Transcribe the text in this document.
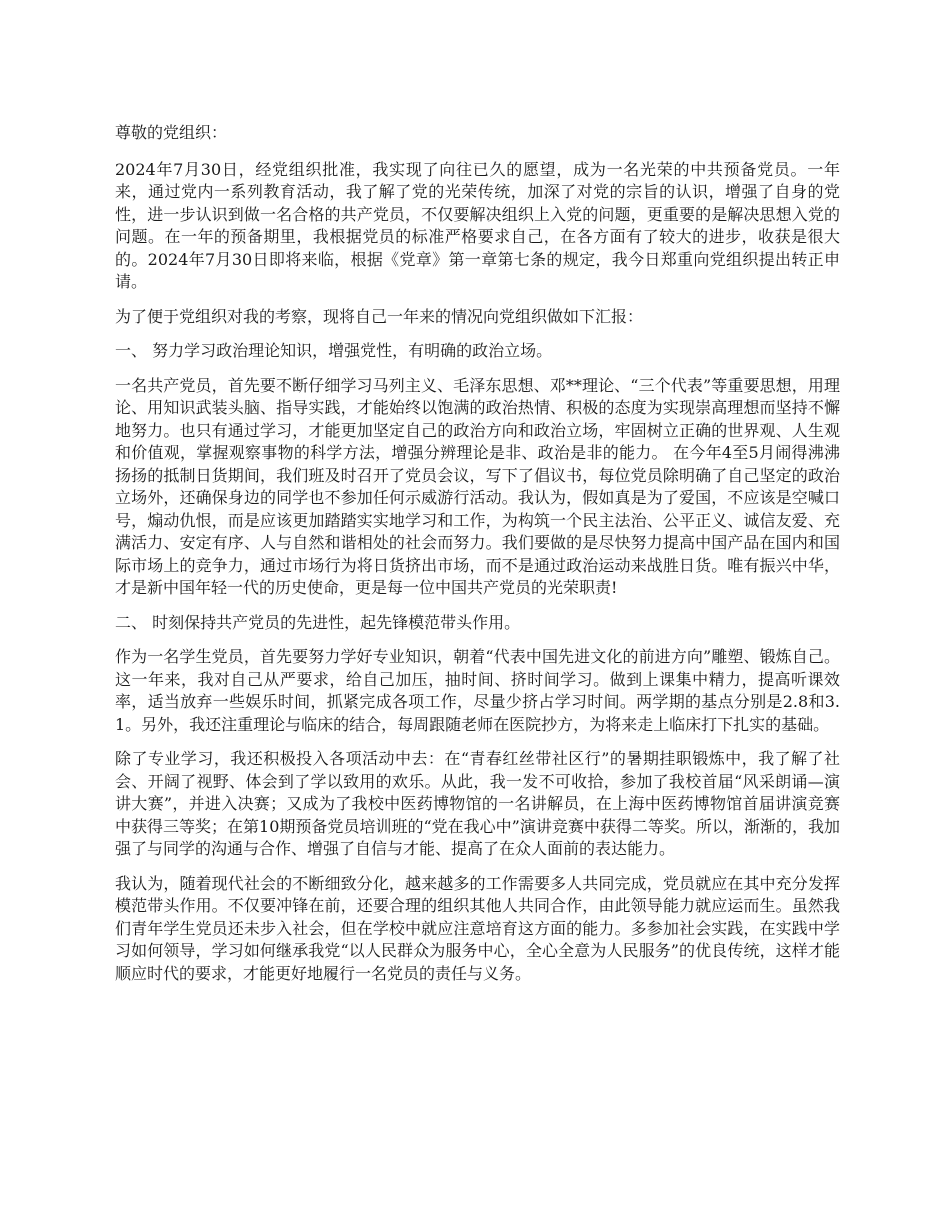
尊敬的党组织：

2024年7月30日，经党组织批准，我实现了向往已久的愿望，成为一名光荣的中共预备党员。一年来，通过党内一系列教育活动，我了解了党的光荣传统，加深了对党的宗旨的认识，增强了自身的党性，进一步认识到做一名合格的共产党员，不仅要解决组织上入党的问题，更重要的是解决思想入党的问题。在一年的预备期里，我根据党员的标准严格要求自己，在各方面有了较大的进步，收获是很大的。2024年7月30日即将来临，根据《党章》第一章第七条的规定，我今日郑重向党组织提出转正申请。

为了便于党组织对我的考察，现将自己一年来的情况向党组织做如下汇报：

一、 努力学习政治理论知识，增强党性，有明确的政治立场。

一名共产党员，首先要不断仔细学习马列主义、毛泽东思想、邓**理论、“三个代表”等重要思想，用理论、用知识武装头脑、指导实践，才能始终以饱满的政治热情、积极的态度为实现崇高理想而坚持不懈地努力。也只有通过学习，才能更加坚定自己的政治方向和政治立场，牢固树立正确的世界观、人生观和价值观，掌握观察事物的科学方法，增强分辨理论是非、政治是非的能力。 在今年4至5月闹得沸沸扬扬的抵制日货期间，我们班及时召开了党员会议，写下了倡议书，每位党员除明确了自己坚定的政治立场外，还确保身边的同学也不参加任何示威游行活动。我认为，假如真是为了爱国，不应该是空喊口号，煽动仇恨，而是应该更加踏踏实实地学习和工作，为构筑一个民主法治、公平正义、诚信友爱、充满活力、安定有序、人与自然和谐相处的社会而努力。我们要做的是尽快努力提高中国产品在国内和国际市场上的竞争力，通过市场行为将日货挤出市场，而不是通过政治运动来战胜日货。唯有振兴中华，才是新中国年轻一代的历史使命，更是每一位中国共产党员的光荣职责!

二、 时刻保持共产党员的先进性，起先锋模范带头作用。

作为一名学生党员，首先要努力学好专业知识，朝着“代表中国先进文化的前进方向”雕塑、锻炼自己。这一年来，我对自己从严要求，给自己加压，抽时间、挤时间学习。做到上课集中精力，提高听课效率，适当放弃一些娱乐时间，抓紧完成各项工作，尽量少挤占学习时间。两学期的基点分别是2.8和3.1。另外，我还注重理论与临床的结合，每周跟随老师在医院抄方，为将来走上临床打下扎实的基础。

除了专业学习，我还积极投入各项活动中去：在“青春红丝带社区行”的暑期挂职锻炼中，我了解了社会、开阔了视野、体会到了学以致用的欢乐。从此，我一发不可收拾，参加了我校首届“风采朗诵—演讲大赛”，并进入决赛；又成为了我校中医药博物馆的一名讲解员，在上海中医药博物馆首届讲演竞赛中获得三等奖；在第10期预备党员培训班的“党在我心中”演讲竞赛中获得二等奖。所以，渐渐的，我加强了与同学的沟通与合作、增强了自信与才能、提高了在众人面前的表达能力。

我认为，随着现代社会的不断细致分化，越来越多的工作需要多人共同完成，党员就应在其中充分发挥模范带头作用。不仅要冲锋在前，还要合理的组织其他人共同合作，由此领导能力就应运而生。虽然我们青年学生党员还未步入社会，但在学校中就应注意培育这方面的能力。多参加社会实践，在实践中学习如何领导，学习如何继承我党“以人民群众为服务中心，全心全意为人民服务”的优良传统，这样才能顺应时代的要求，才能更好地履行一名党员的责任与义务。
